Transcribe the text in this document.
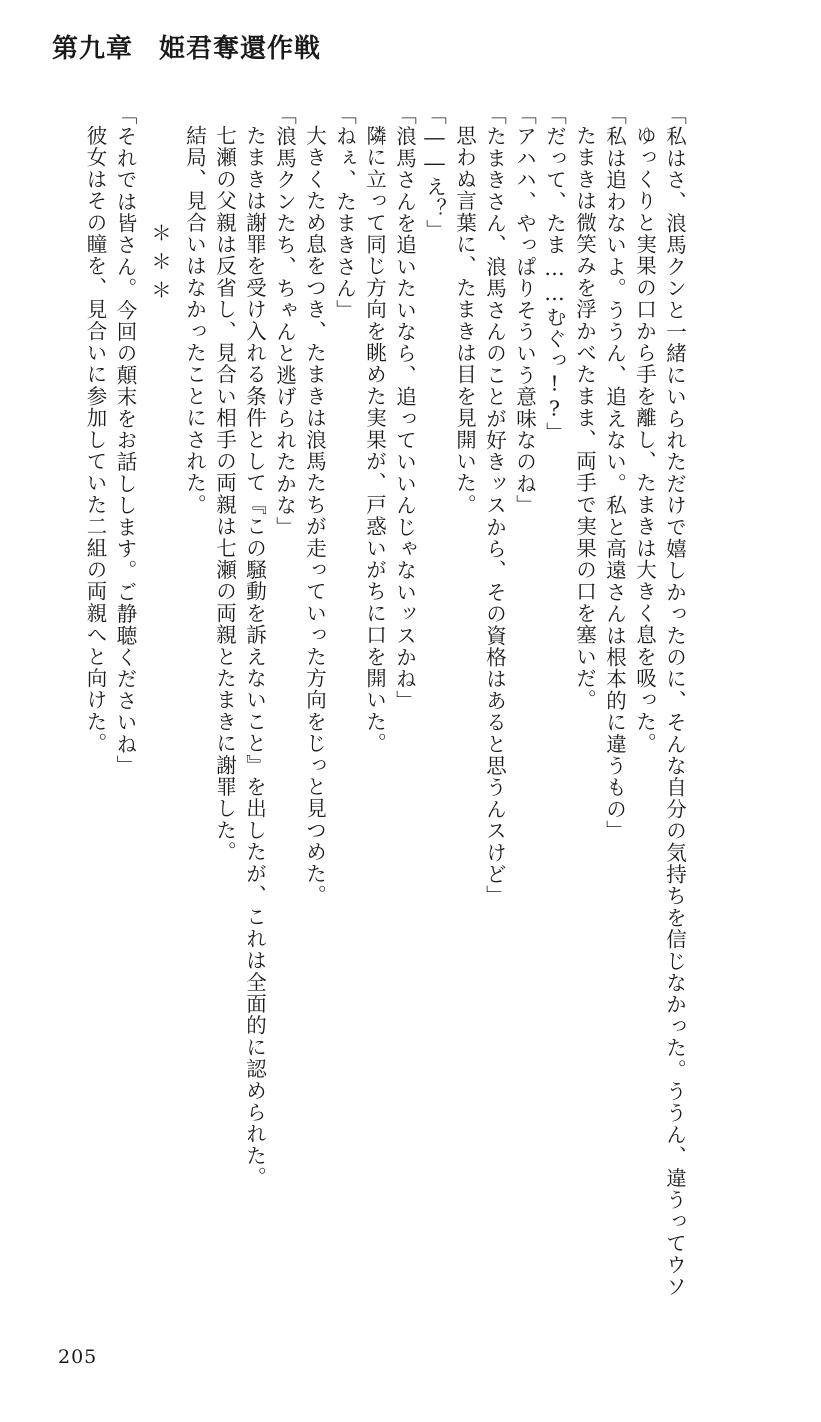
第九章 姫君奪還作戦
彼女はその瞳を、見合いに参加していた二組の両親へと向けた。 「それでは皆さん。今回の顛末をお話しします。ご静聴くださいね」 ＊＊＊ 結局、見合いはなかったことにされた。 七瀬の父親は反省し、見合い相手の両親は七瀬の両親とたまきに謝罪した。 たまきは謝罪を受け入れる条件として『この騒動を訴えないこと』を出したが、これは全面的に認められた。 「浪馬クンたち、ちゃんと逃げられたかな」 大きくため息をつき、たまきは浪馬たちが走っていった方向をじっと見つめた。 「ねぇ、たまきさん」 隣に立って同じ方向を眺めた実果が、戸惑いがちに口を開いた。 「浪馬さんを追いたいなら、追っていいんじゃないッスかね」 「――え？」 思わぬ言葉に、たまきは目を見開いた。 「たまきさん、浪馬さんのことが好きッスから、その資格はあると思うんスけど」 「アハハ、やっぱりそういう意味なのね」 「だって、たま……むぐっ!?」 たまきは微笑みを浮かべたまま、両手で実果の口を塞いだ。 「私は追わないよ。ううん、追えない。私と高遠さんは根本的に違うもの」 ゆっくりと実果の口から手を離し、たまきは大きく息を吸った。 「私はさ、浪馬クンと一緒にいられただけで嬉しかったのに、そんな自分の気持ちを信じなかった。ううん、違うってウソ
205
